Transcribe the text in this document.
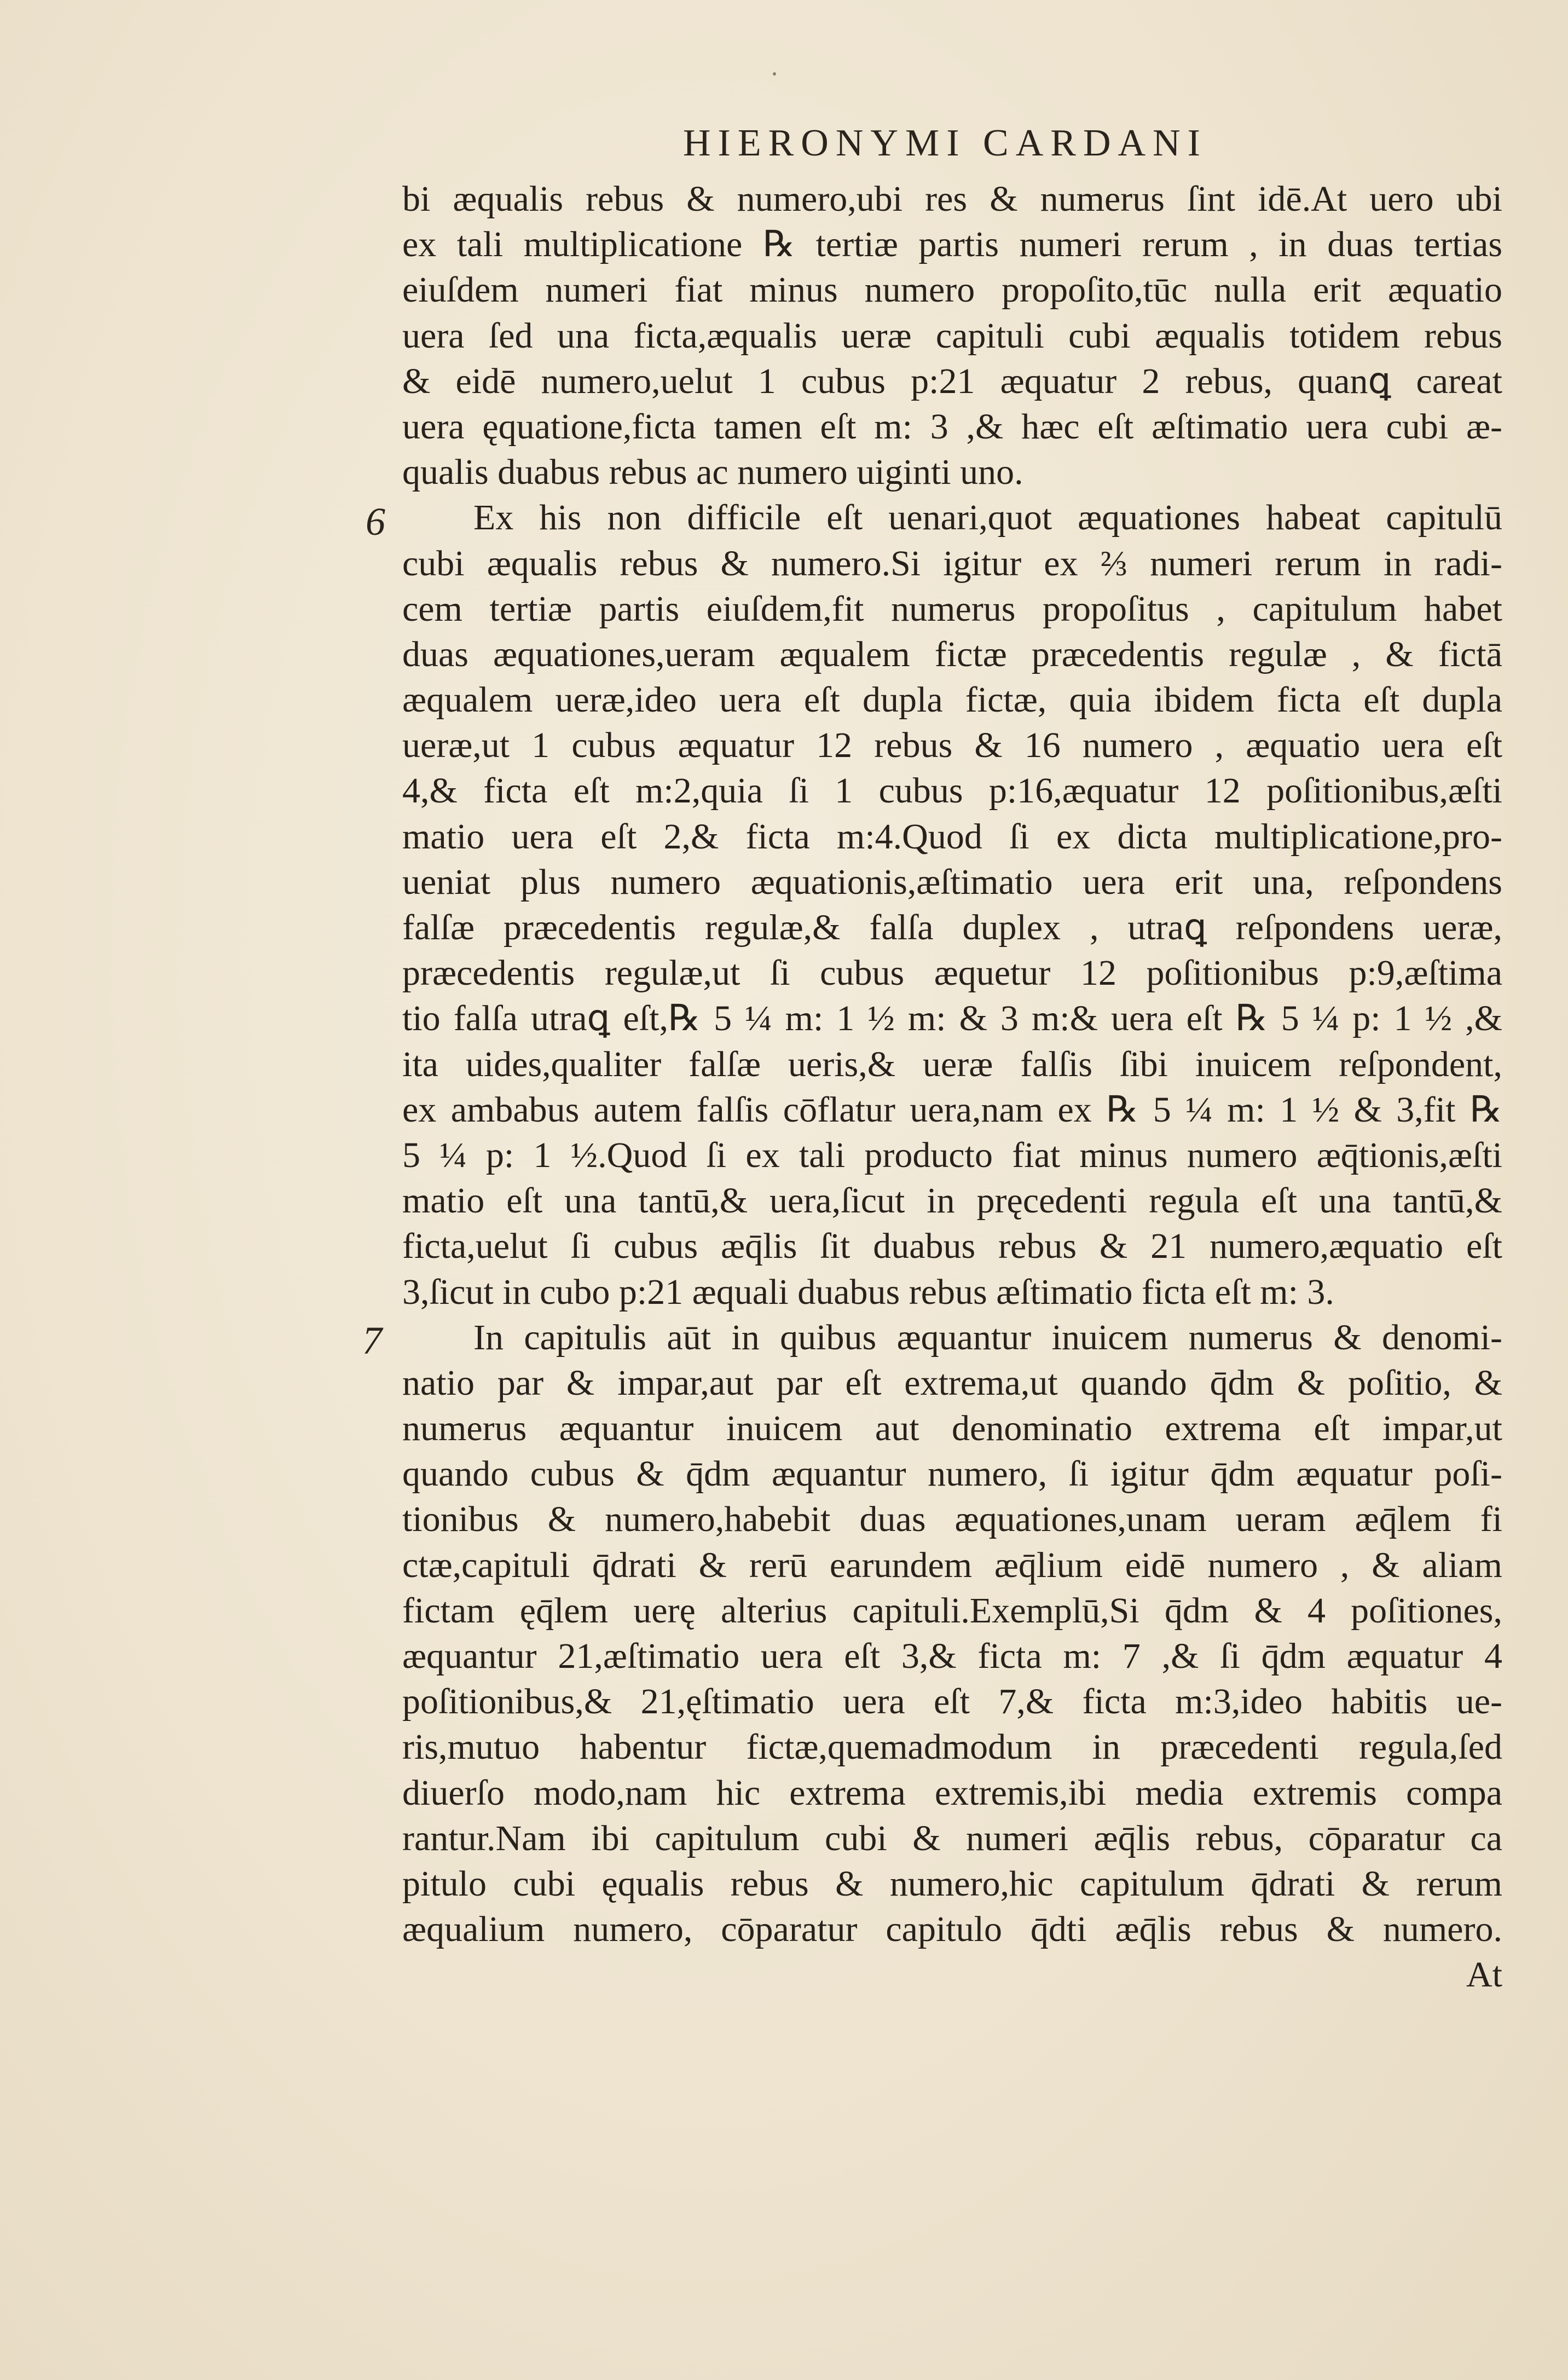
HIERONYMI CARDANI
6
7
bi æqualis rebus & numero,ubi res & numerus ſint idē.At uero ubi
ex tali multiplicatione ℞ tertiæ partis numeri rerum , in duas tertias
eiuſdem numeri fiat minus numero propoſito,tūc nulla erit æquatio
uera ſed una ficta,æqualis ueræ capituli cubi æqualis totidem rebus
& eidē numero,uelut 1 cubus p:21 æquatur 2 rebus, quanꝗ careat
uera ęquatione,ficta tamen eſt m: 3 ,& hæc eſt æſtimatio uera cubi æ-
qualis duabus rebus ac numero uiginti uno.
Ex his non difficile eſt uenari,quot æquationes habeat capitulū
cubi æqualis rebus & numero.Si igitur ex ⅔ numeri rerum in radi-
cem tertiæ partis eiuſdem,fit numerus propoſitus , capitulum habet
duas æquationes,ueram æqualem fictæ præcedentis regulæ , & fictā
æqualem ueræ,ideo uera eſt dupla fictæ, quia ibidem ficta eſt dupla
ueræ,ut 1 cubus æquatur 12 rebus & 16 numero , æquatio uera eſt
4,& ficta eſt m:2,quia ſi 1 cubus p:16,æquatur 12 poſitionibus,æſti
matio uera eſt 2,& ficta m:4.Quod ſi ex dicta multiplicatione,pro-
ueniat plus numero æquationis,æſtimatio uera erit una, reſpondens
falſæ præcedentis regulæ,& falſa duplex , utraꝗ reſpondens ueræ,
præcedentis regulæ,ut ſi cubus æquetur 12 poſitionibus p:9,æſtima
tio falſa utraꝗ eſt,℞ 5 ¼ m: 1 ½ m: & 3 m:& uera eſt ℞ 5 ¼ p: 1 ½ ,&
ita uides,qualiter falſæ ueris,& ueræ falſis ſibi inuicem reſpondent,
ex ambabus autem falſis cōflatur uera,nam ex ℞ 5 ¼ m: 1 ½ & 3,fit ℞
5 ¼ p: 1 ½.Quod ſi ex tali producto fiat minus numero æq̄tionis,æſti
matio eſt una tantū,& uera,ſicut in pręcedenti regula eſt una tantū,&
ficta,uelut ſi cubus æq̄lis ſit duabus rebus & 21 numero,æquatio eſt
3,ſicut in cubo p:21 æquali duabus rebus æſtimatio ficta eſt m: 3.
In capitulis aūt in quibus æquantur inuicem numerus & denomi-
natio par & impar,aut par eſt extrema,ut quando q̄dm & poſitio, &
numerus æquantur inuicem aut denominatio extrema eſt impar,ut
quando cubus & q̄dm æquantur numero, ſi igitur q̄dm æquatur poſi-
tionibus & numero,habebit duas æquationes,unam ueram æq̄lem fi
ctæ,capituli q̄drati & rerū earundem æq̄lium eidē numero , & aliam
fictam ęq̄lem uerę alterius capituli.Exemplū,Si q̄dm & 4 poſitiones,
æquantur 21,æſtimatio uera eſt 3,& ficta m: 7 ,& ſi q̄dm æquatur 4
poſitionibus,& 21,ęſtimatio uera eſt 7,& ficta m:3,ideo habitis ue-
ris,mutuo habentur fictæ,quemadmodum in præcedenti regula,ſed
diuerſo modo,nam hic extrema extremis,ibi media extremis compa
rantur.Nam ibi capitulum cubi & numeri æq̄lis rebus, cōparatur ca
pitulo cubi ęqualis rebus & numero,hic capitulum q̄drati & rerum
æqualium numero, cōparatur capitulo q̄dti æq̄lis rebus & numero.
At
